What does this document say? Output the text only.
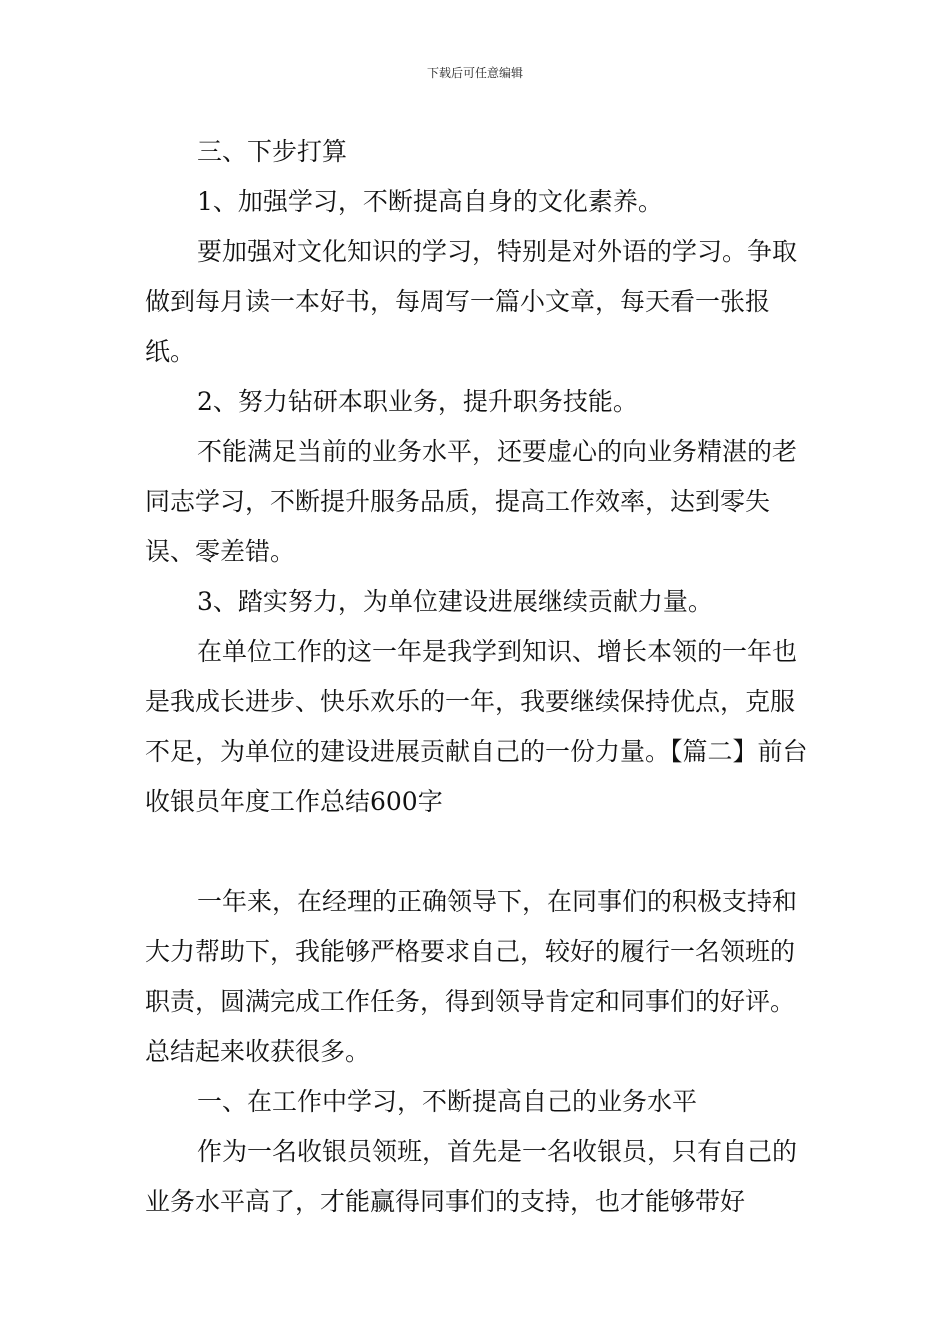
下载后可任意编辑

三、下步打算

1、加强学习，不断提高自身的文化素养。

要加强对文化知识的学习，特别是对外语的学习。争取做到每月读一本好书，每周写一篇小文章，每天看一张报纸。

2、努力钻研本职业务，提升职务技能。

不能满足当前的业务水平，还要虚心的向业务精湛的老同志学习，不断提升服务品质，提高工作效率，达到零失误、零差错。

3、踏实努力，为单位建设进展继续贡献力量。

在单位工作的这一年是我学到知识、增长本领的一年也是我成长进步、快乐欢乐的一年，我要继续保持优点，克服不足，为单位的建设进展贡献自己的一份力量。【篇二】前台收银员年度工作总结600字

一年来，在经理的正确领导下，在同事们的积极支持和大力帮助下，我能够严格要求自己，较好的履行一名领班的职责，圆满完成工作任务，得到领导肯定和同事们的好评。总结起来收获很多。

一、在工作中学习，不断提高自己的业务水平

作为一名收银员领班，首先是一名收银员，只有自己的业务水平高了，才能赢得同事们的支持，也才能够带好
